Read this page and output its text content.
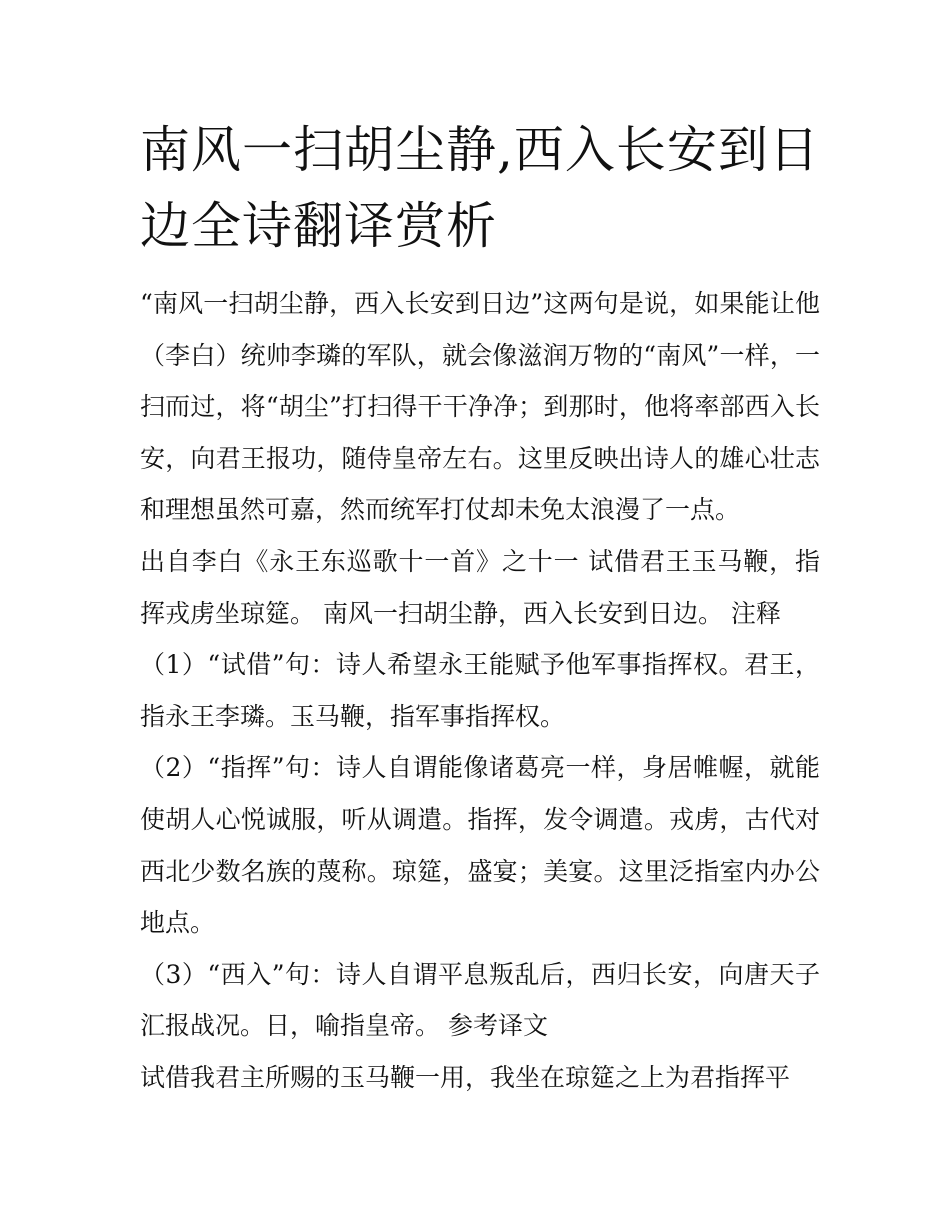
南风一扫胡尘静,西入长安到日边全诗翻译赏析

“南风一扫胡尘静，西入长安到日边”这两句是说，如果能让他（李白）统帅李璘的军队，就会像滋润万物的“南风”一样，一扫而过，将“胡尘”打扫得干干净净；到那时，他将率部西入长安，向君王报功，随侍皇帝左右。这里反映出诗人的雄心壮志和理想虽然可嘉，然而统军打仗却未免太浪漫了一点。

出自李白《永王东巡歌十一首》之十一 试借君王玉马鞭，指挥戎虏坐琼筵。 南风一扫胡尘静，西入长安到日边。 注释

（1）“试借”句：诗人希望永王能赋予他军事指挥权。君王，指永王李璘。玉马鞭，指军事指挥权。

（2）“指挥”句：诗人自谓能像诸葛亮一样，身居帷幄，就能使胡人心悦诚服，听从调遣。指挥，发令调遣。戎虏，古代对西北少数名族的蔑称。琼筵，盛宴；美宴。这里泛指室内办公地点。

（3）“西入”句：诗人自谓平息叛乱后，西归长安，向唐天子汇报战况。日，喻指皇帝。 参考译文

试借我君主所赐的玉马鞭一用，我坐在琼筵之上为君指挥平
